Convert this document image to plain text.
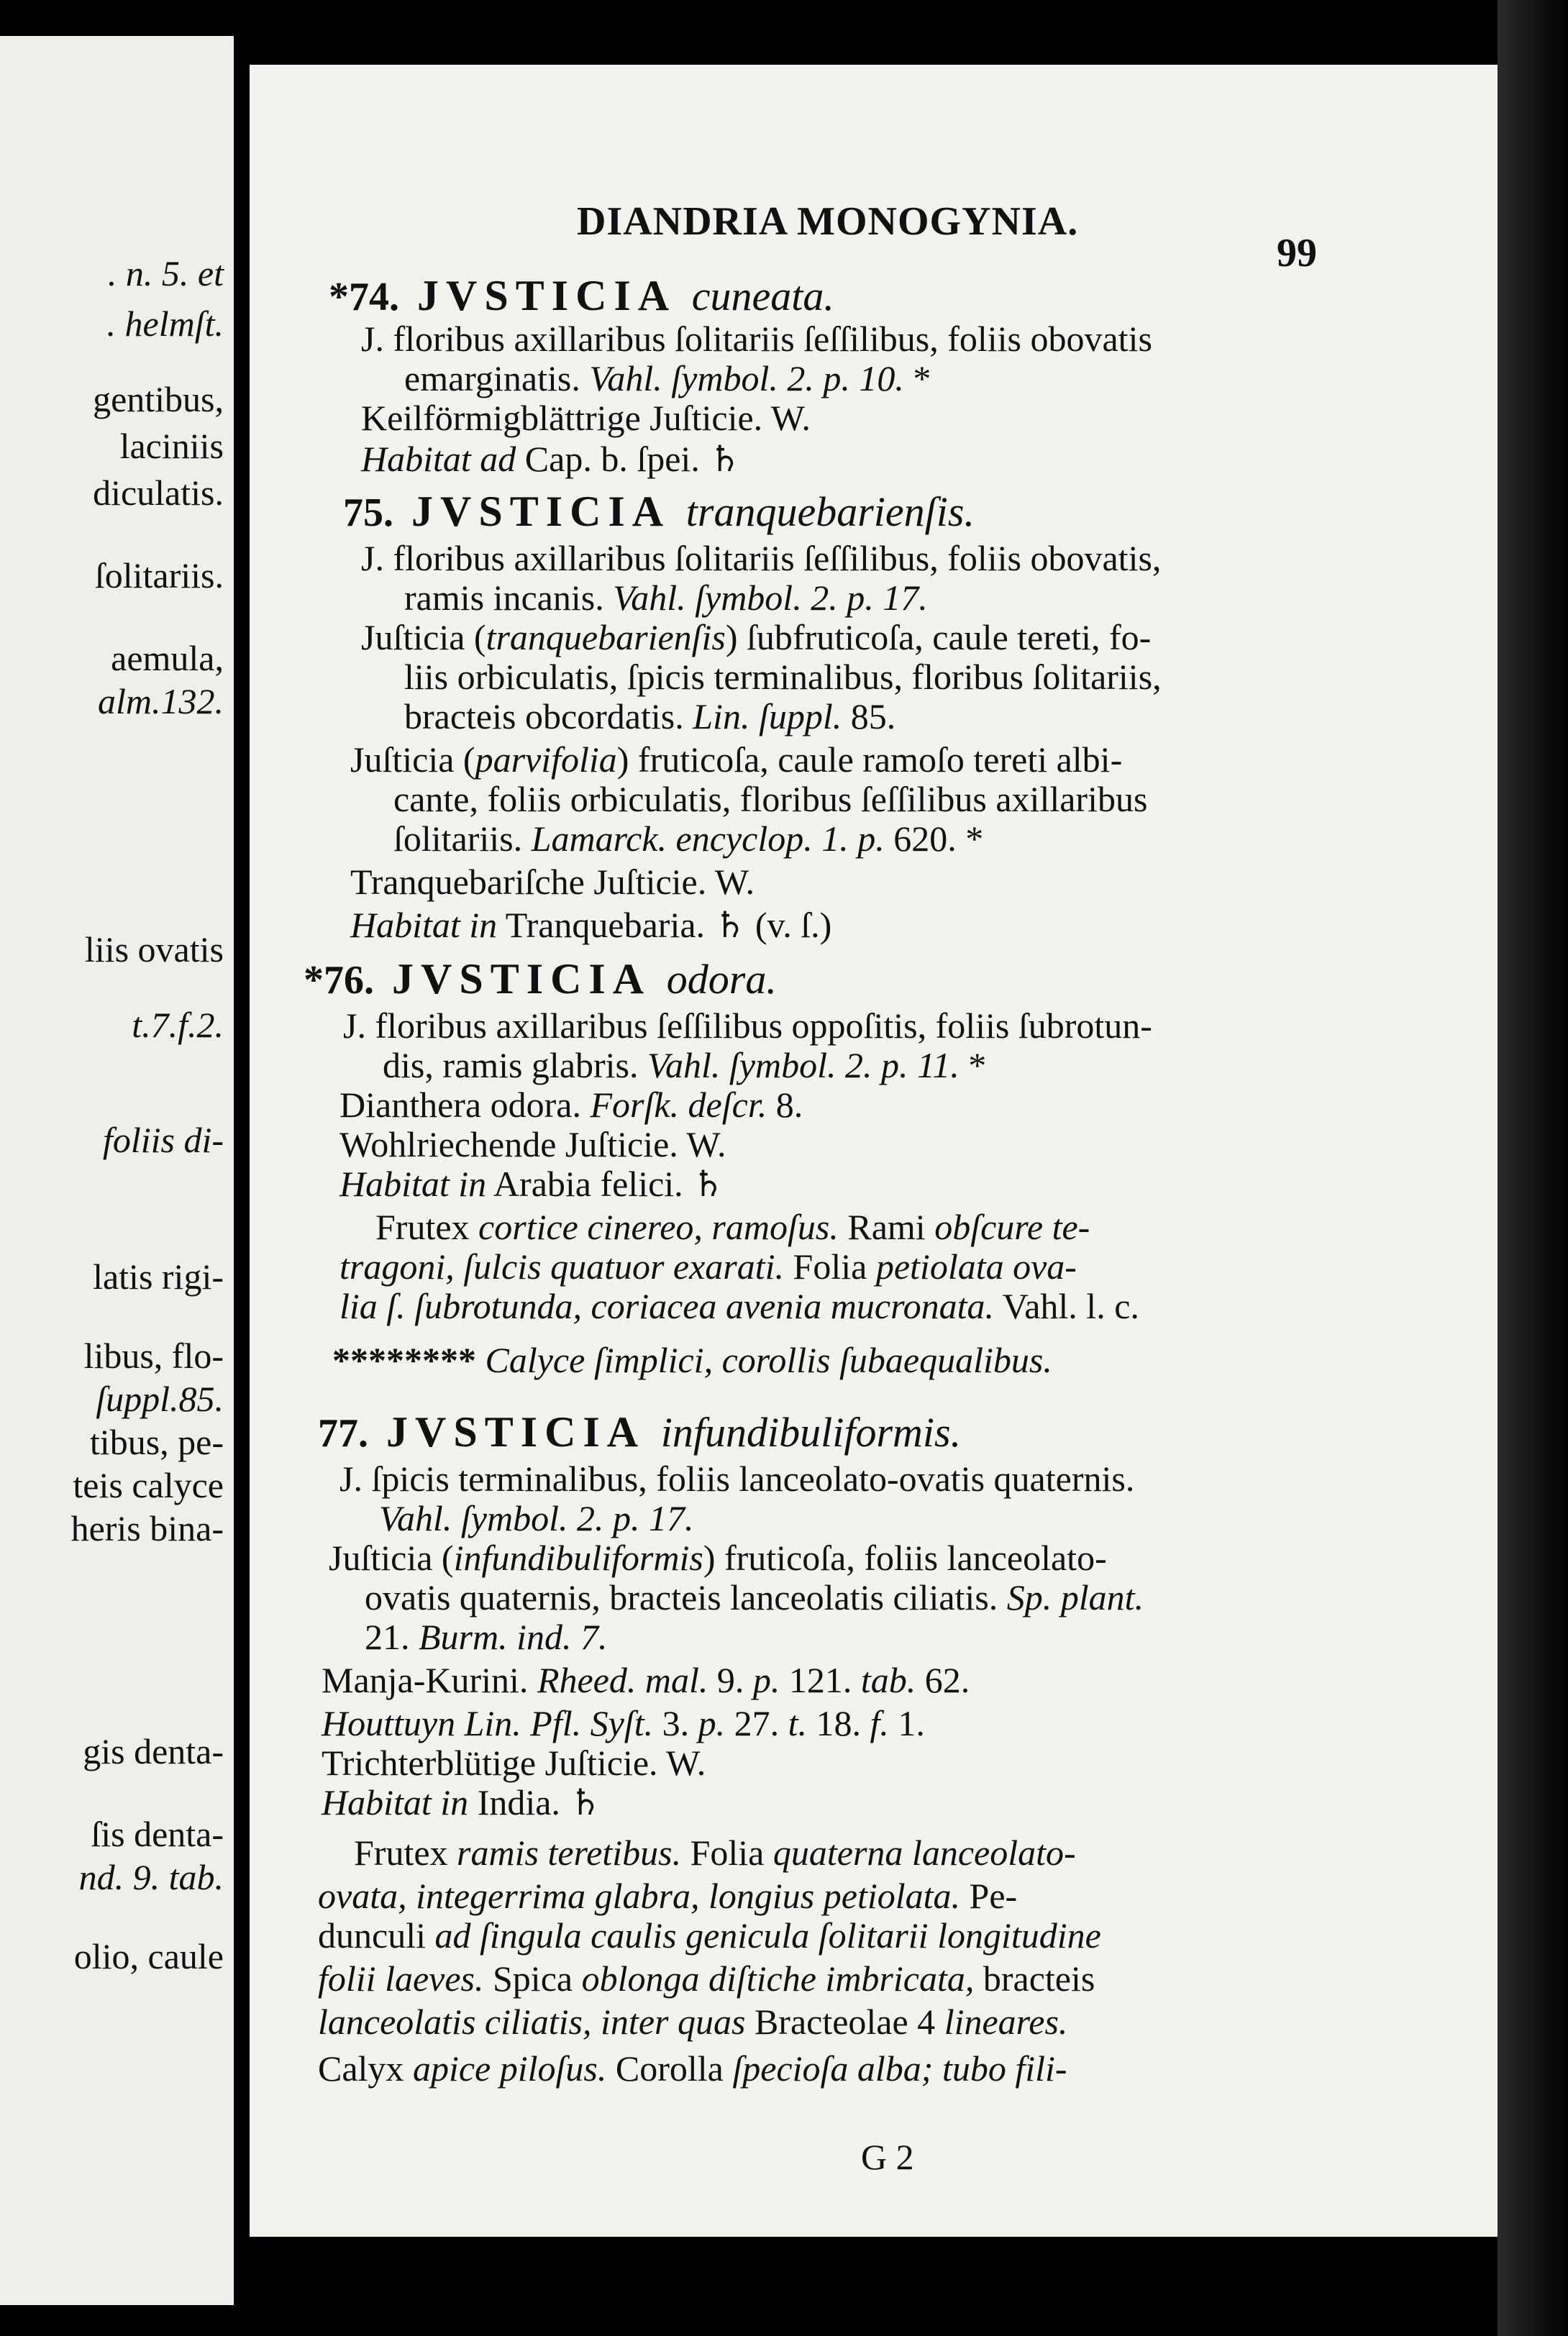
. n. 5. et
. helmſt.
gentibus,
laciniis
diculatis.
ſolitariis.
aemula,
alm.132.
liis ovatis
t.7.f.2.
foliis di-
latis rigi-
libus, flo-
ſuppl.85.
tibus, pe-
teis calyce
heris bina-
gis denta-
ſis denta-
nd. 9. tab.
olio, caule
DIANDRIA MONOGYNIA.
99
*74. JVSTICIA cuneata.
J. floribus axillaribus ſolitariis ſeſſilibus, foliis obovatis
emarginatis. Vahl. ſymbol. 2. p. 10. *
Keilförmigblättrige Juſticie. W.
Habitat ad Cap. b. ſpei. ♄
75. JVSTICIA tranquebarienſis.
J. floribus axillaribus ſolitariis ſeſſilibus, foliis obovatis,
ramis incanis. Vahl. ſymbol. 2. p. 17.
Juſticia (tranquebarienſis) ſubfruticoſa, caule tereti, fo-
liis orbiculatis, ſpicis terminalibus, floribus ſolitariis,
bracteis obcordatis. Lin. ſuppl. 85.
Juſticia (parvifolia) fruticoſa, caule ramoſo tereti albi-
cante, foliis orbiculatis, floribus ſeſſilibus axillaribus
ſolitariis. Lamarck. encyclop. 1. p. 620. *
Tranquebariſche Juſticie. W.
Habitat in Tranquebaria. ♄ (v. ſ.)
*76. JVSTICIA odora.
J. floribus axillaribus ſeſſilibus oppoſitis, foliis ſubrotun-
dis, ramis glabris. Vahl. ſymbol. 2. p. 11. *
Dianthera odora. Forſk. deſcr. 8.
Wohlriechende Juſticie. W.
Habitat in Arabia felici. ♄
Frutex cortice cinereo, ramoſus. Rami obſcure te-
tragoni, ſulcis quatuor exarati. Folia petiolata ova-
lia ſ. ſubrotunda, coriacea avenia mucronata. Vahl. l. c.
******** Calyce ſimplici, corollis ſubaequalibus.
77. JVSTICIA infundibuliformis.
J. ſpicis terminalibus, foliis lanceolato-ovatis quaternis.
Vahl. ſymbol. 2. p. 17.
Juſticia (infundibuliformis) fruticoſa, foliis lanceolato-
ovatis quaternis, bracteis lanceolatis ciliatis. Sp. plant.
21. Burm. ind. 7.
Manja-Kurini. Rheed. mal. 9. p. 121. tab. 62.
Houttuyn Lin. Pfl. Syſt. 3. p. 27. t. 18. f. 1.
Trichterblütige Juſticie. W.
Habitat in India. ♄
Frutex ramis teretibus. Folia quaterna lanceolato-
ovata, integerrima glabra, longius petiolata. Pe-
dunculi ad ſingula caulis genicula ſolitarii longitudine
folii laeves. Spica oblonga diſtiche imbricata, bracteis
lanceolatis ciliatis, inter quas Bracteolae 4 lineares.
Calyx apice piloſus. Corolla ſpecioſa alba; tubo fili-
G 2
